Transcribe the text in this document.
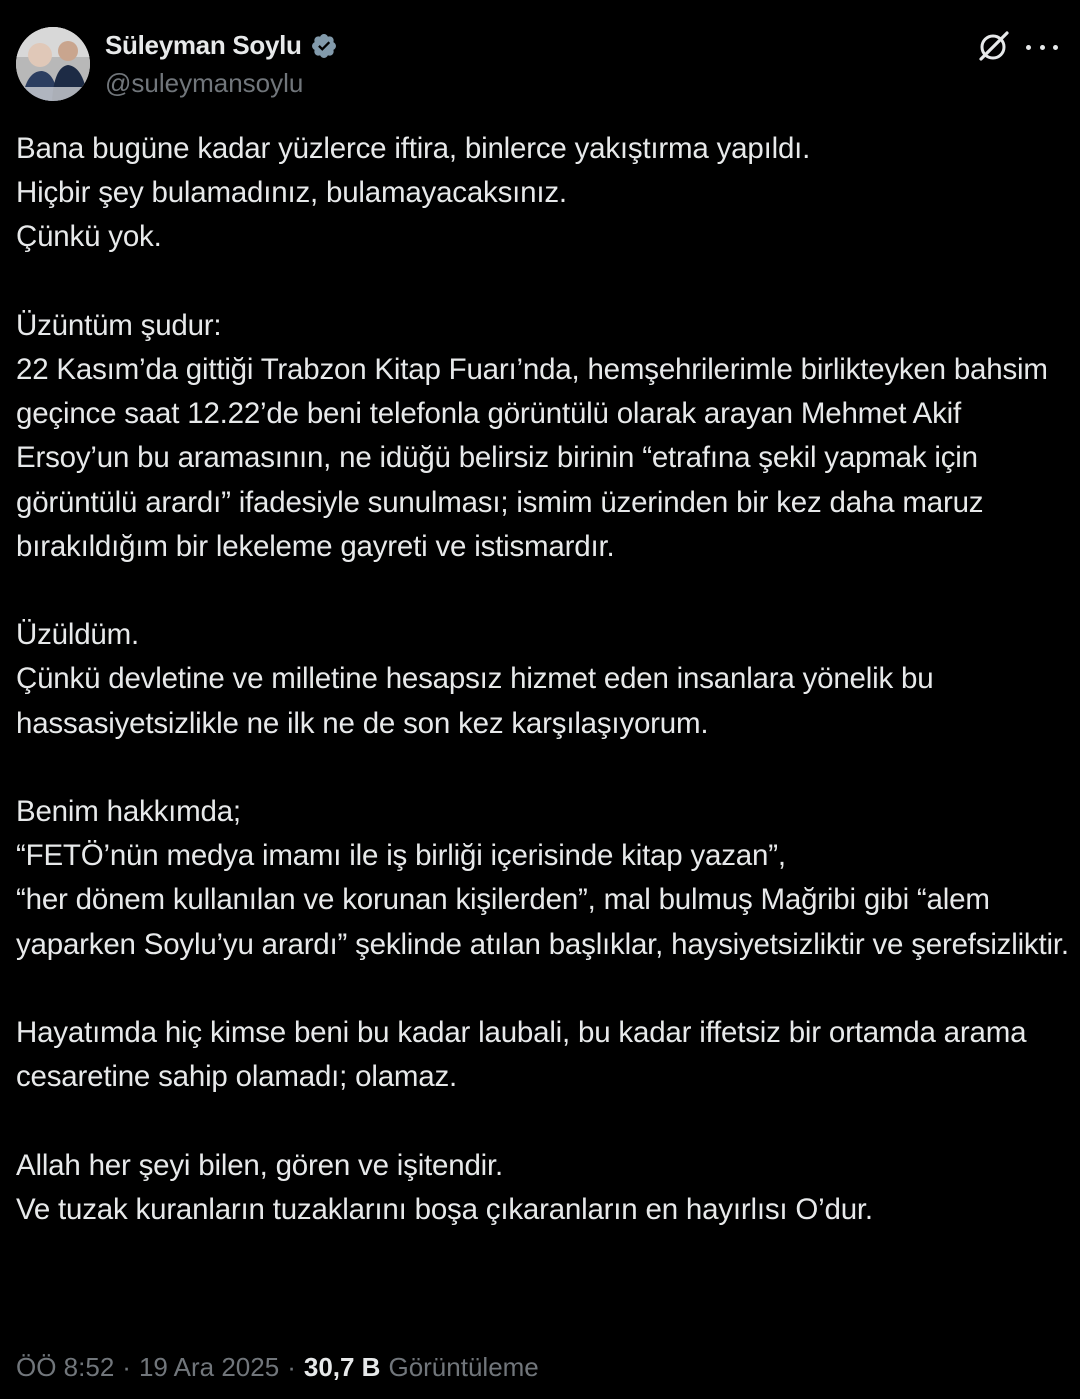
Süleyman Soylu
@suleymansoylu
Bana bugüne kadar yüzlerce iftira, binlerce yakıştırma yapıldı.
Hiçbir şey bulamadınız, bulamayacaksınız.
Çünkü yok.

Üzüntüm şudur:
22 Kasım’da gittiği Trabzon Kitap Fuarı’nda, hemşehrilerimle birlikteyken bahsim geçince saat 12.22’de beni telefonla görüntülü olarak arayan Mehmet Akif Ersoy’un bu aramasının, ne idüğü belirsiz birinin “etrafına şekil yapmak için görüntülü arardı” ifadesiyle sunulması; ismim üzerinden bir kez daha maruz bırakıldığım bir lekeleme gayreti ve istismardır.

Üzüldüm.
Çünkü devletine ve milletine hesapsız hizmet eden insanlara yönelik bu hassasiyetsizlikle ne ilk ne de son kez karşılaşıyorum.

Benim hakkımda;
“FETÖ’nün medya imamı ile iş birliği içerisinde kitap yazan”,
“her dönem kullanılan ve korunan kişilerden”, mal bulmuş Mağribi gibi “alem yaparken Soylu’yu arardı” şeklinde atılan başlıklar, haysiyetsizliktir ve şerefsizliktir.

Hayatımda hiç kimse beni bu kadar laubali, bu kadar iffetsiz bir ortamda arama cesaretine sahip olamadı; olamaz.

Allah her şeyi bilen, gören ve işitendir.
Ve tuzak kuranların tuzaklarını boşa çıkaranların en hayırlısı O’dur.
ÖÖ 8:52 · 19 Ara 2025 · 30,7 B Görüntüleme
